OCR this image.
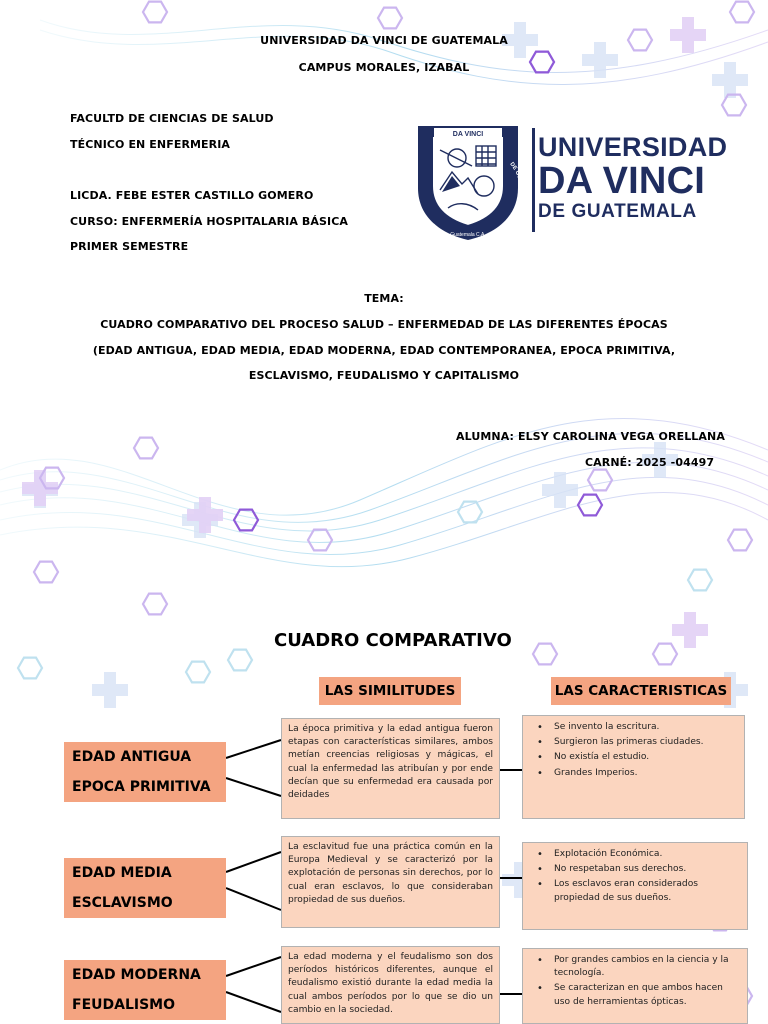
UNIVERSIDAD DA VINCI DE GUATEMALA
CAMPUS MORALES, IZABAL
FACULTD DE CIENCIAS DE SALUD
TÉCNICO EN ENFERMERIA
LICDA. FEBE ESTER CASTILLO GOMERO
CURSO: ENFERMERÍA HOSPITALARIA BÁSICA
PRIMER SEMESTRE
TEMA:
CUADRO COMPARATIVO DEL PROCESO SALUD – ENFERMEDAD DE LAS DIFERENTES ÉPOCAS
(EDAD ANTIGUA, EDAD MEDIA, EDAD MODERNA, EDAD CONTEMPORANEA, EPOCA PRIMITIVA,
ESCLAVISMO, FEUDALISMO Y CAPITALISMO
ALUMNA: ELSY CAROLINA VEGA ORELLANA
CARNÉ: 2025 -04497
DA VINCI
UNIVERSIDAD
DE GUATEMALA
Guatemala C.A.
UNIVERSIDAD
DA VINCI
DE GUATEMALA
CUADRO COMPARATIVO
LAS SIMILITUDES	LAS CARACTERISTICAS
EDAD ANTIGUA
EPOCA PRIMITIVA
La época primitiva y la edad antigua fueron etapas con características similares, ambos metían creencias religiosas y mágicas, el cual la enfermedad las atribuían y por ende decían que su enfermedad era causada por deidades
• Se invento la escritura.
• Surgieron las primeras ciudades.
• No existía el estudio.
• Grandes Imperios.
EDAD MEDIA
ESCLAVISMO
La esclavitud fue una práctica común en la Europa Medieval y se caracterizó por la explotación de personas sin derechos, por lo cual eran esclavos, lo que consideraban propiedad de sus dueños.
• Explotación Económica.
• No respetaban sus derechos.
• Los esclavos eran considerados propiedad de sus dueños.
EDAD MODERNA
FEUDALISMO
La edad moderna y el feudalismo son dos períodos históricos diferentes, aunque el feudalismo existió durante la edad media la cual ambos períodos por lo que se dio un cambio en la sociedad.
• Por grandes cambios en la ciencia y la tecnología.
• Se caracterizan en que ambos hacen uso de herramientas ópticas.
